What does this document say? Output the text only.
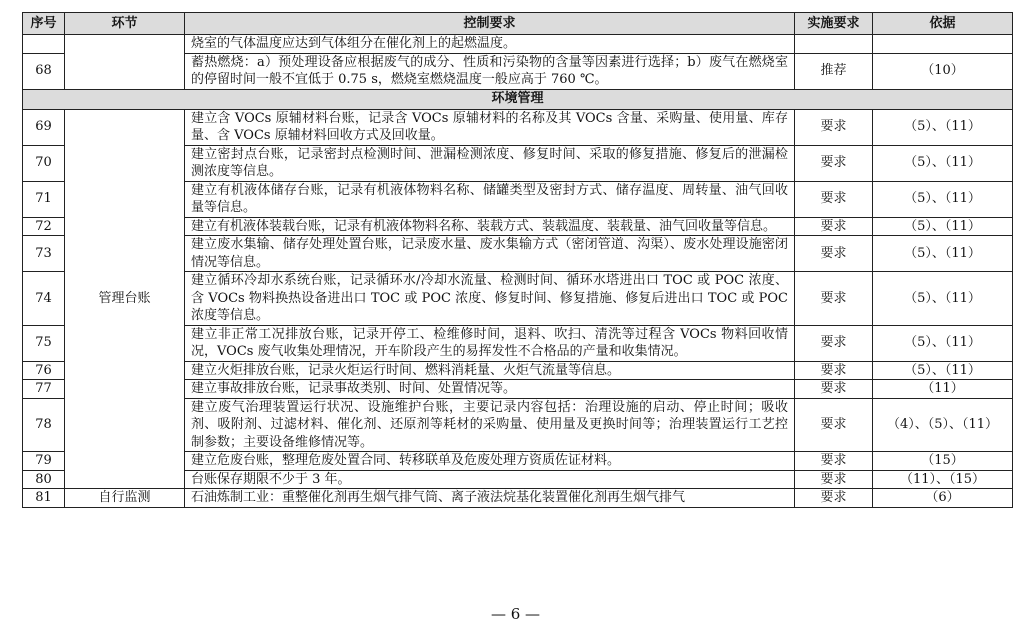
序号	环节	控制要求	实施要求	依据
		烧室的气体温度应达到气体组分在催化剂上的起燃温度。		
68		蓄热燃烧：a）预处理设备应根据废气的成分、性质和污染物的含量等因素进行选择；b）废气在燃烧室的停留时间一般不宜低于 0.75 s，燃烧室燃烧温度一般应高于 760 ℃。	推荐	（10）
环境管理				
69	管理台账	建立含 VOCs 原辅材料台账，记录含 VOCs 原辅材料的名称及其 VOCs 含量、采购量、使用量、库存量、含 VOCs 原辅材料回收方式及回收量。	要求	（5）、（11）
70		建立密封点台账，记录密封点检测时间、泄漏检测浓度、修复时间、采取的修复措施、修复后的泄漏检测浓度等信息。	要求	（5）、（11）
71		建立有机液体储存台账，记录有机液体物料名称、储罐类型及密封方式、储存温度、周转量、油气回收量等信息。	要求	（5）、（11）
72		建立有机液体装载台账，记录有机液体物料名称、装载方式、装载温度、装载量、油气回收量等信息。	要求	（5）、（11）
73		建立废水集输、储存处理处置台账，记录废水量、废水集输方式（密闭管道、沟渠）、废水处理设施密闭情况等信息。	要求	（5）、（11）
74		建立循环冷却水系统台账，记录循环水/冷却水流量、检测时间、循环水塔进出口 TOC 或 POC 浓度、含 VOCs 物料换热设备进出口 TOC 或 POC 浓度、修复时间、修复措施、修复后进出口 TOC 或 POC 浓度等信息。	要求	（5）、（11）
75		建立非正常工况排放台账，记录开停工、检维修时间，退料、吹扫、清洗等过程含 VOCs 物料回收情况，VOCs 废气收集处理情况，开车阶段产生的易挥发性不合格品的产量和收集情况。	要求	（5）、（11）
76		建立火炬排放台账，记录火炬运行时间、燃料消耗量、火炬气流量等信息。	要求	（5）、（11）
77		建立事故排放台账，记录事故类别、时间、处置情况等。	要求	（11）
78		建立废气治理装置运行状况、设施维护台账，主要记录内容包括：治理设施的启动、停止时间；吸收剂、吸附剂、过滤材料、催化剂、还原剂等耗材的采购量、使用量及更换时间等；治理装置运行工艺控制参数；主要设备维修情况等。	要求	（4）、（5）、（11）
79		建立危废台账，整理危废处置合同、转移联单及危废处理方资质佐证材料。	要求	（15）
80		台账保存期限不少于 3 年。	要求	（11）、（15）
81	自行监测	石油炼制工业：重整催化剂再生烟气排气筒、离子液法烷基化装置催化剂再生烟气排气	要求	（6）
— 6 —
